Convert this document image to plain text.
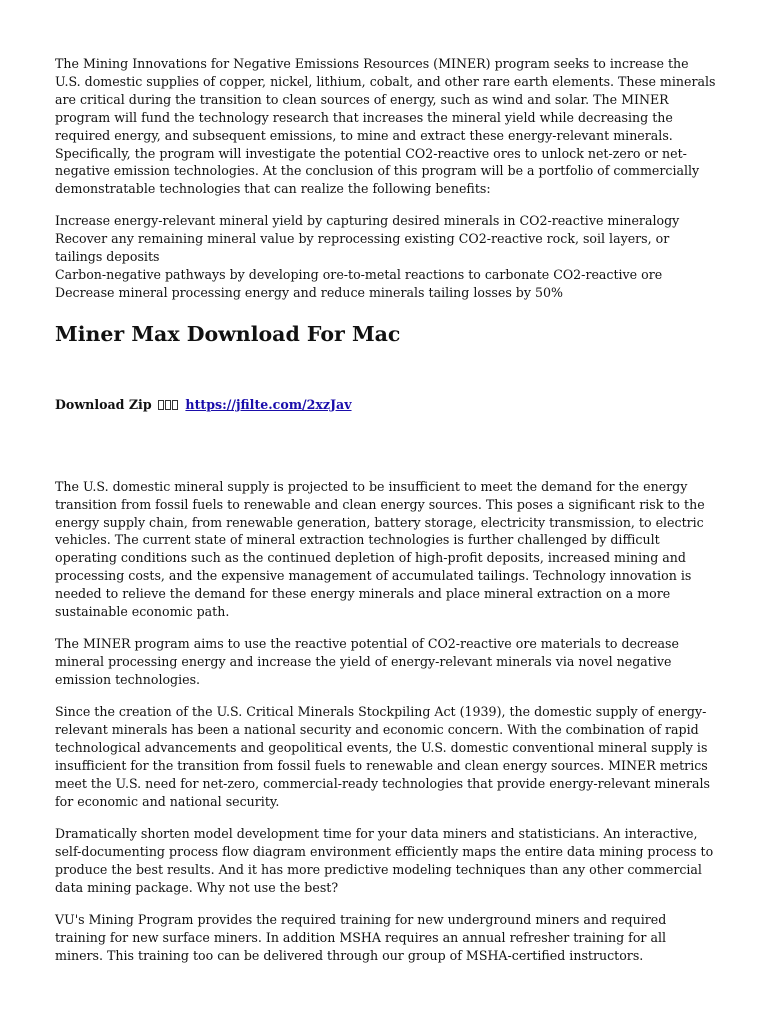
The Mining Innovations for Negative Emissions Resources (MINER) program seeks to increase the U.S. domestic supplies of copper, nickel, lithium, cobalt, and other rare earth elements. These minerals are critical during the transition to clean sources of energy, such as wind and solar. The MINER program will fund the technology research that increases the mineral yield while decreasing the required energy, and subsequent emissions, to mine and extract these energy-relevant minerals. Specifically, the program will investigate the potential CO2-reactive ores to unlock net-zero or net-negative emission technologies. At the conclusion of this program will be a portfolio of commercially demonstratable technologies that can realize the following benefits:

Increase energy-relevant mineral yield by capturing desired minerals in CO2-reactive mineralogy
Recover any remaining mineral value by reprocessing existing CO2-reactive rock, soil layers, or tailings deposits
Carbon-negative pathways by developing ore-to-metal reactions to carbonate CO2-reactive ore
Decrease mineral processing energy and reduce minerals tailing losses by 50%
Miner Max Download For Mac
Download Zip	https://jfilte.com/2xzJav

The U.S. domestic mineral supply is projected to be insufficient to meet the demand for the energy transition from fossil fuels to renewable and clean energy sources. This poses a significant risk to the energy supply chain, from renewable generation, battery storage, electricity transmission, to electric vehicles. The current state of mineral extraction technologies is further challenged by difficult operating conditions such as the continued depletion of high-profit deposits, increased mining and processing costs, and the expensive management of accumulated tailings. Technology innovation is needed to relieve the demand for these energy minerals and place mineral extraction on a more sustainable economic path.

The MINER program aims to use the reactive potential of CO2-reactive ore materials to decrease mineral processing energy and increase the yield of energy-relevant minerals via novel negative emission technologies.

Since the creation of the U.S. Critical Minerals Stockpiling Act (1939), the domestic supply of energy-relevant minerals has been a national security and economic concern. With the combination of rapid technological advancements and geopolitical events, the U.S. domestic conventional mineral supply is insufficient for the transition from fossil fuels to renewable and clean energy sources. MINER metrics meet the U.S. need for net-zero, commercial-ready technologies that provide energy-relevant minerals for economic and national security.

Dramatically shorten model development time for your data miners and statisticians. An interactive, self-documenting process flow diagram environment efficiently maps the entire data mining process to produce the best results. And it has more predictive modeling techniques than any other commercial data mining package. Why not use the best?

VU's Mining Program provides the required training for new underground miners and required training for new surface miners. In addition MSHA requires an annual refresher training for all miners. This training too can be delivered through our group of MSHA-certified instructors.
